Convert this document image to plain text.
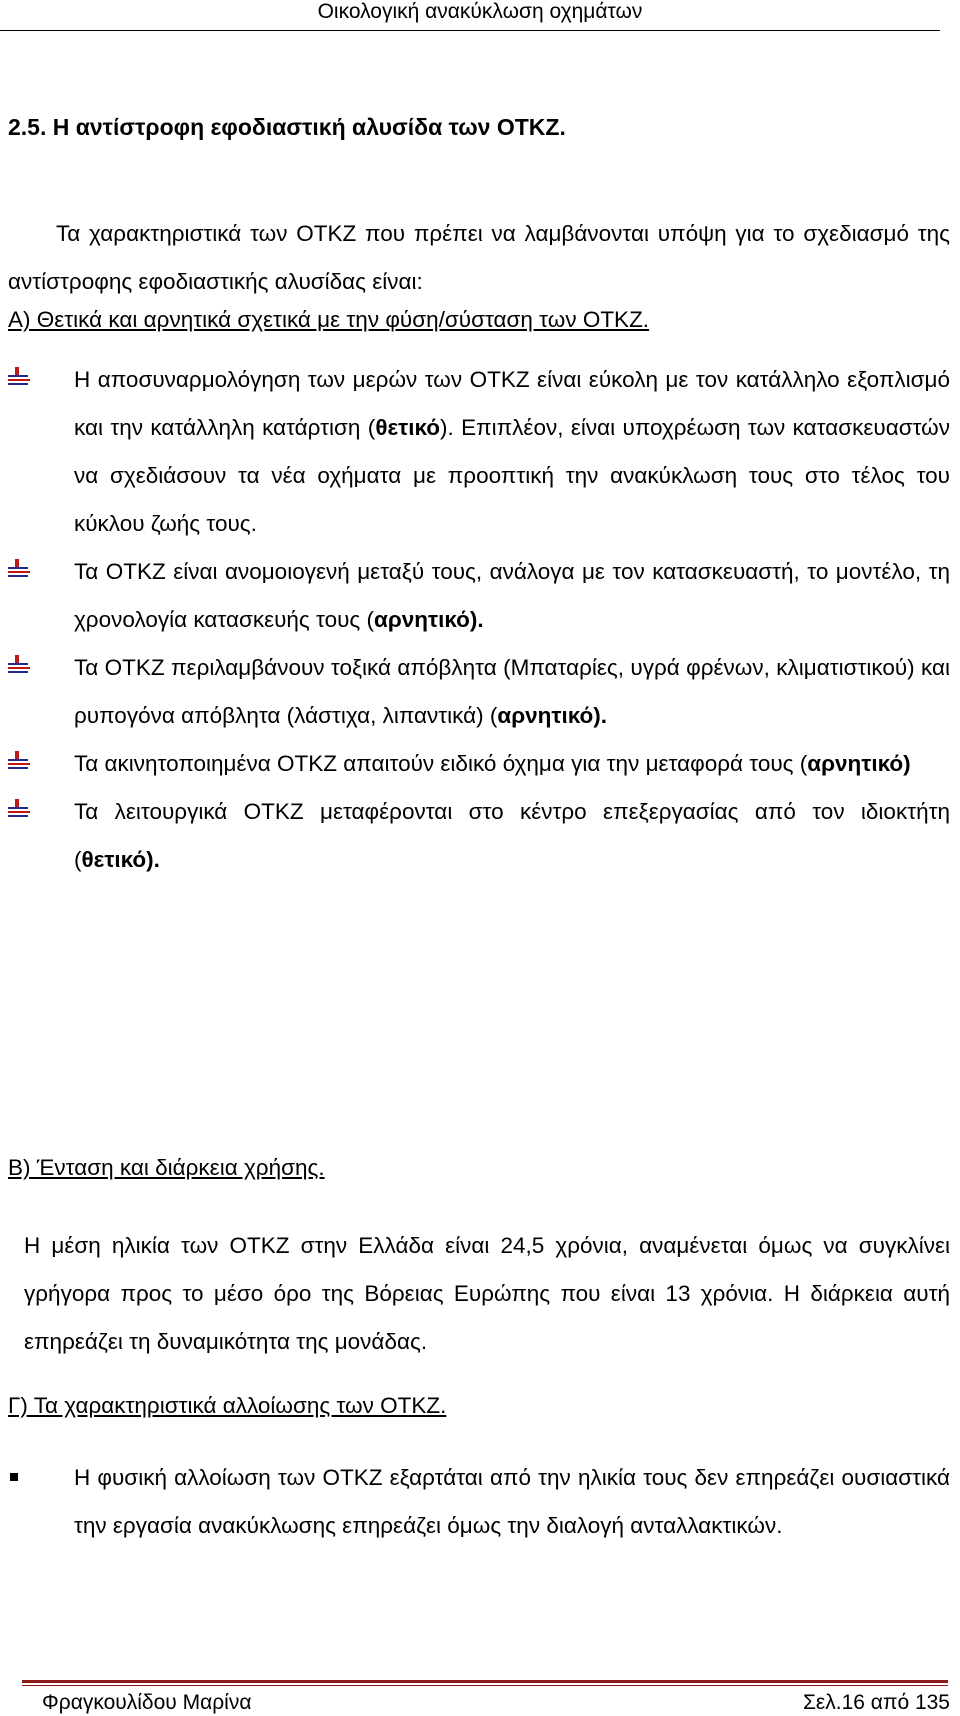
Οικολογική ανακύκλωση οχημάτων
2.5. Η αντίστροφη εφοδιαστική αλυσίδα των ΟΤΚΖ.

Τα χαρακτηριστικά των ΟΤΚΖ που πρέπει να λαμβάνονται υπόψη για το σχεδιασμό της αντίστροφης εφοδιαστικής αλυσίδας είναι:

Α) Θετικά και αρνητικά σχετικά με την φύση/σύσταση των ΟΤΚΖ.
Η αποσυναρμολόγηση των μερών των ΟΤΚΖ είναι εύκολη με τον κατάλληλο εξοπλισμό και την κατάλληλη κατάρτιση (θετικό). Επιπλέον, είναι υποχρέωση των κατασκευαστών να σχεδιάσουν τα νέα οχήματα με προοπτική την ανακύκλωση τους στο τέλος του κύκλου ζωής τους.
Τα ΟΤΚΖ είναι ανομοιογενή μεταξύ τους, ανάλογα με τον κατασκευαστή, το μοντέλο, τη χρονολογία κατασκευής τους (αρνητικό).
Τα ΟΤΚΖ περιλαμβάνουν τοξικά απόβλητα (Μπαταρίες, υγρά φρένων, κλιματιστικού) και ρυπογόνα απόβλητα (λάστιχα, λιπαντικά) (αρνητικό).
Τα ακινητοποιημένα ΟΤΚΖ απαιτούν ειδικό όχημα για την μεταφορά τους (αρνητικό)
Τα λειτουργικά ΟΤΚΖ μεταφέρονται στο κέντρο επεξεργασίας από τον ιδιοκτήτη (θετικό).
Β) Ένταση και διάρκεια χρήσης.

Η μέση ηλικία των ΟΤΚΖ στην Ελλάδα είναι 24,5 χρόνια, αναμένεται όμως να συγκλίνει γρήγορα προς το μέσο όρο της Βόρειας Ευρώπης που είναι 13 χρόνια. Η διάρκεια αυτή επηρεάζει τη δυναμικότητα της μονάδας.

Γ) Τα χαρακτηριστικά αλλοίωσης των ΟΤΚΖ.
Η φυσική αλλοίωση των ΟΤΚΖ εξαρτάται από την ηλικία τους δεν επηρεάζει ουσιαστικά την εργασία ανακύκλωσης επηρεάζει όμως την διαλογή ανταλλακτικών.
Φραγκουλίδου Μαρίνα	Σελ.16 από 135
